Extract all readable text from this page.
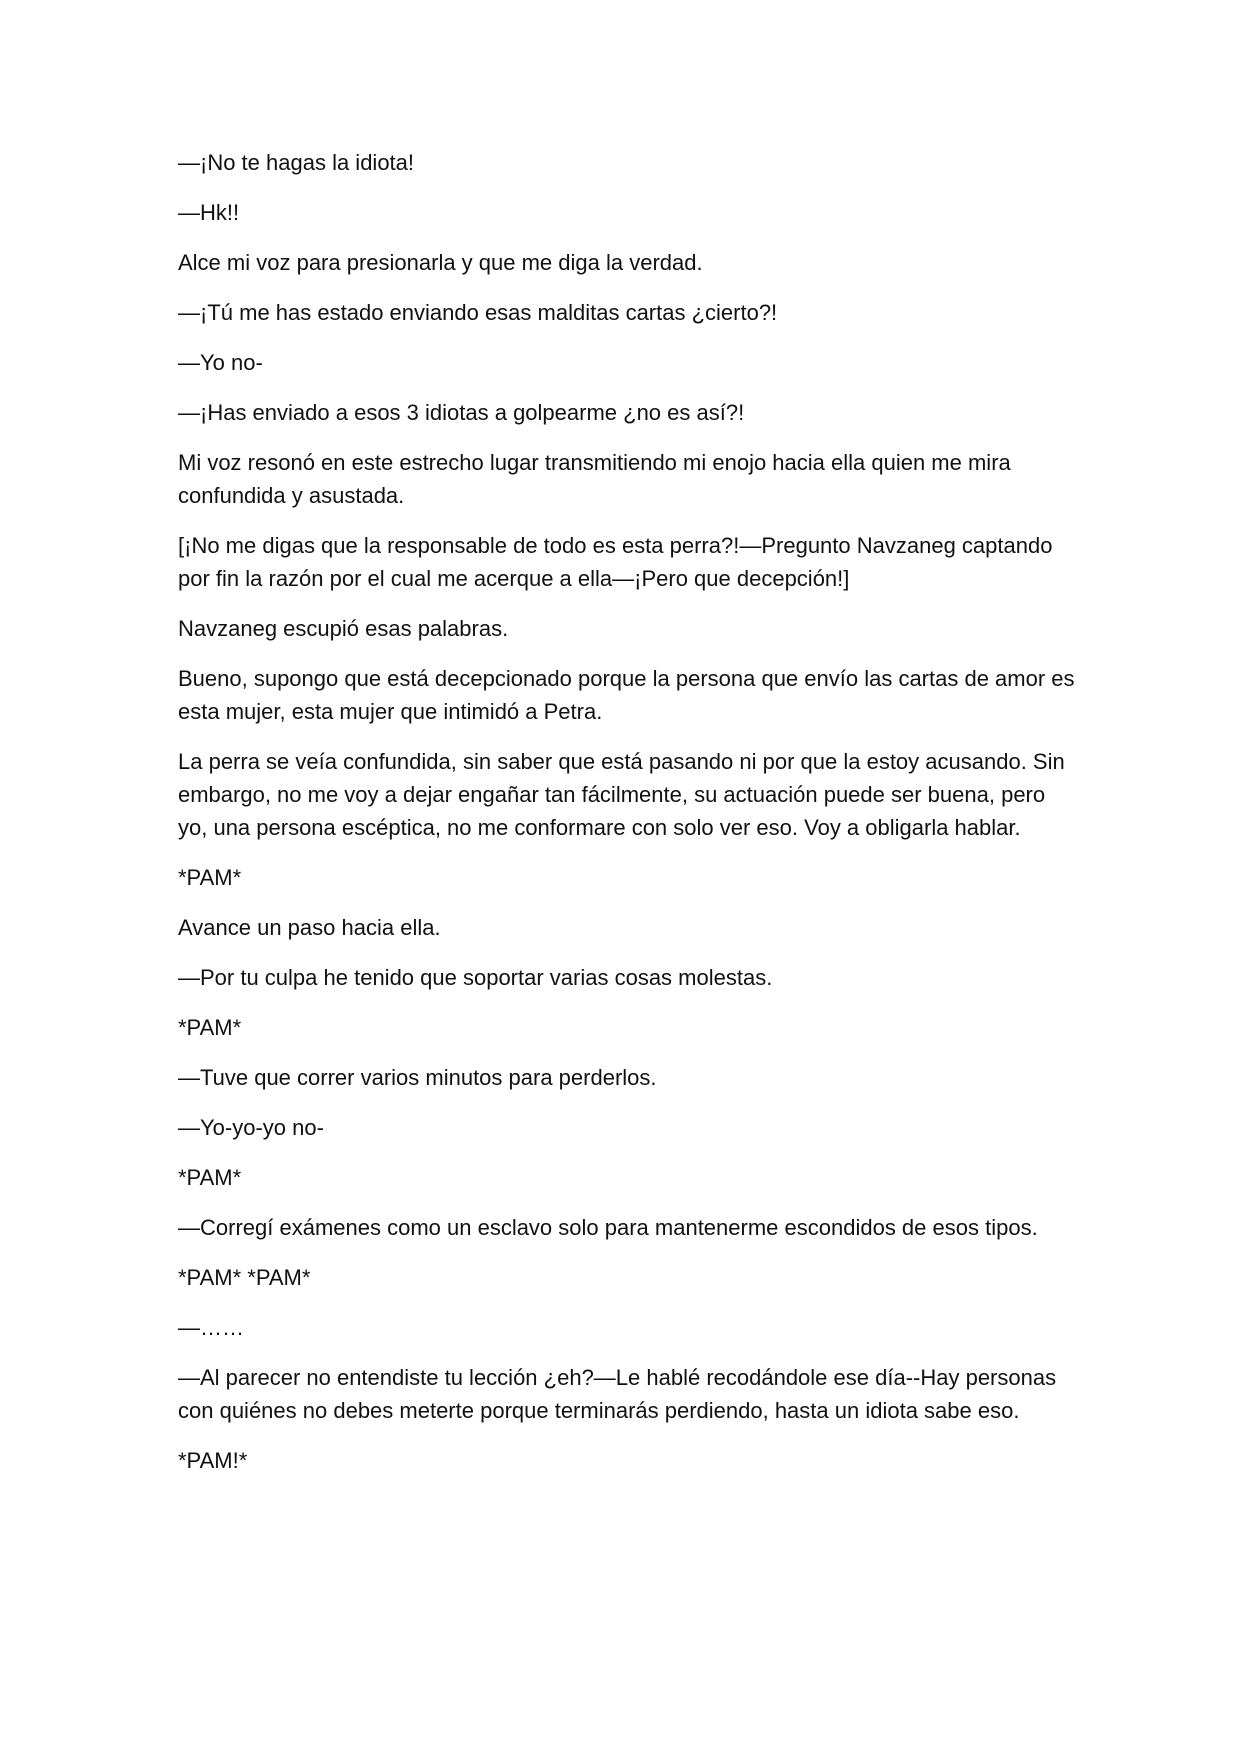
—¡No te hagas la idiota!

—Hk!!

Alce mi voz para presionarla y que me diga la verdad.

—¡Tú me has estado enviando esas malditas cartas ¿cierto?!

—Yo no-

—¡Has enviado a esos 3 idiotas a golpearme ¿no es así?!

Mi voz resonó en este estrecho lugar transmitiendo mi enojo hacia ella quien me mira confundida y asustada.

[¡No me digas que la responsable de todo es esta perra?!—Pregunto Navzaneg captando por fin la razón por el cual me acerque a ella—¡Pero que decepción!]

Navzaneg escupió esas palabras.

Bueno, supongo que está decepcionado porque la persona que envío las cartas de amor es esta mujer, esta mujer que intimidó a Petra.

La perra se veía confundida, sin saber que está pasando ni por que la estoy acusando. Sin embargo, no me voy a dejar engañar tan fácilmente, su actuación puede ser buena, pero yo, una persona escéptica, no me conformare con solo ver eso. Voy a obligarla hablar.

*PAM*

Avance un paso hacia ella.

—Por tu culpa he tenido que soportar varias cosas molestas.

*PAM*

—Tuve que correr varios minutos para perderlos.

—Yo-yo-yo no-

*PAM*

—Corregí exámenes como un esclavo solo para mantenerme escondidos de esos tipos.

*PAM* *PAM*

—……

—Al parecer no entendiste tu lección ¿eh?—Le hablé recodándole ese día--Hay personas con quiénes no debes meterte porque terminarás perdiendo, hasta un idiota sabe eso.

*PAM!*
